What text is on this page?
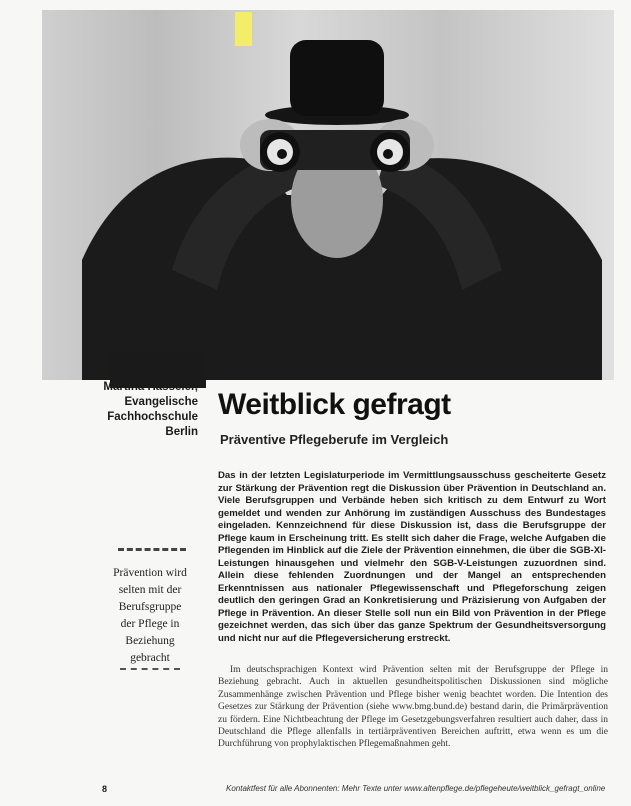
Martina Hasseler,
Evangelische
Fachhochschule
Berlin
Weitblick gefragt
Präventive Pflegeberufe im Vergleich
Das in der letzten Legislaturperiode im Vermittlungsausschuss gescheiterte Gesetz zur Stärkung der Prävention regt die Diskussion über Prävention in Deutschland an. Viele Berufsgruppen und Verbände heben sich kritisch zu dem Entwurf zu Wort gemeldet und wenden zur Anhörung im zuständigen Ausschuss des Bundestages eingeladen. Kennzeichnend für diese Diskussion ist, dass die Berufsgruppe der Pflege kaum in Erscheinung tritt. Es stellt sich daher die Frage, welche Aufgaben die Pflegenden im Hinblick auf die Ziele der Prävention einnehmen, die über die SGB-XI-Leistungen hinausgehen und vielmehr den SGB-V-Leistungen zuzuordnen sind. Allein diese fehlenden Zuordnungen und der Mangel an entsprechenden Erkenntnissen aus nationaler Pflegewissenschaft und Pflegeforschung zeigen deutlich den geringen Grad an Konkretisierung und Präzisierung von Aufgaben der Pflege in Prävention. An dieser Stelle soll nun ein Bild von Prävention in der Pflege gezeichnet werden, das sich über das ganze Spektrum der Gesundheitsversorgung und nicht nur auf die Pflegeversicherung erstreckt.
Prävention wird
selten mit der
Berufsgruppe
der Pflege in
Beziehung
gebracht
Im deutschsprachigen Kontext wird Prävention selten mit der Berufsgruppe der Pflege in Beziehung gebracht. Auch in aktuellen gesundheitspolitischen Diskussionen sind mögliche Zusammenhänge zwischen Prävention und Pflege bisher wenig beachtet worden. Die Intention des Gesetzes zur Stärkung der Prävention (siehe www.bmg.bund.de) bestand darin, die Primärprävention zu fördern. Eine Nichtbeachtung der Pflege im Gesetzgebungsverfahren resultiert auch daher, dass in Deutschland die Pflege allenfalls in tertiärpräventiven Bereichen auftritt, etwa wenn es um die Durchführung von prophylaktischen Pflegemaßnahmen geht.
8	Kontaktfest für alle Abonnenten: Mehr Texte unter www.altenpflege.de/pflegeheute/weitblick_gefragt_online
